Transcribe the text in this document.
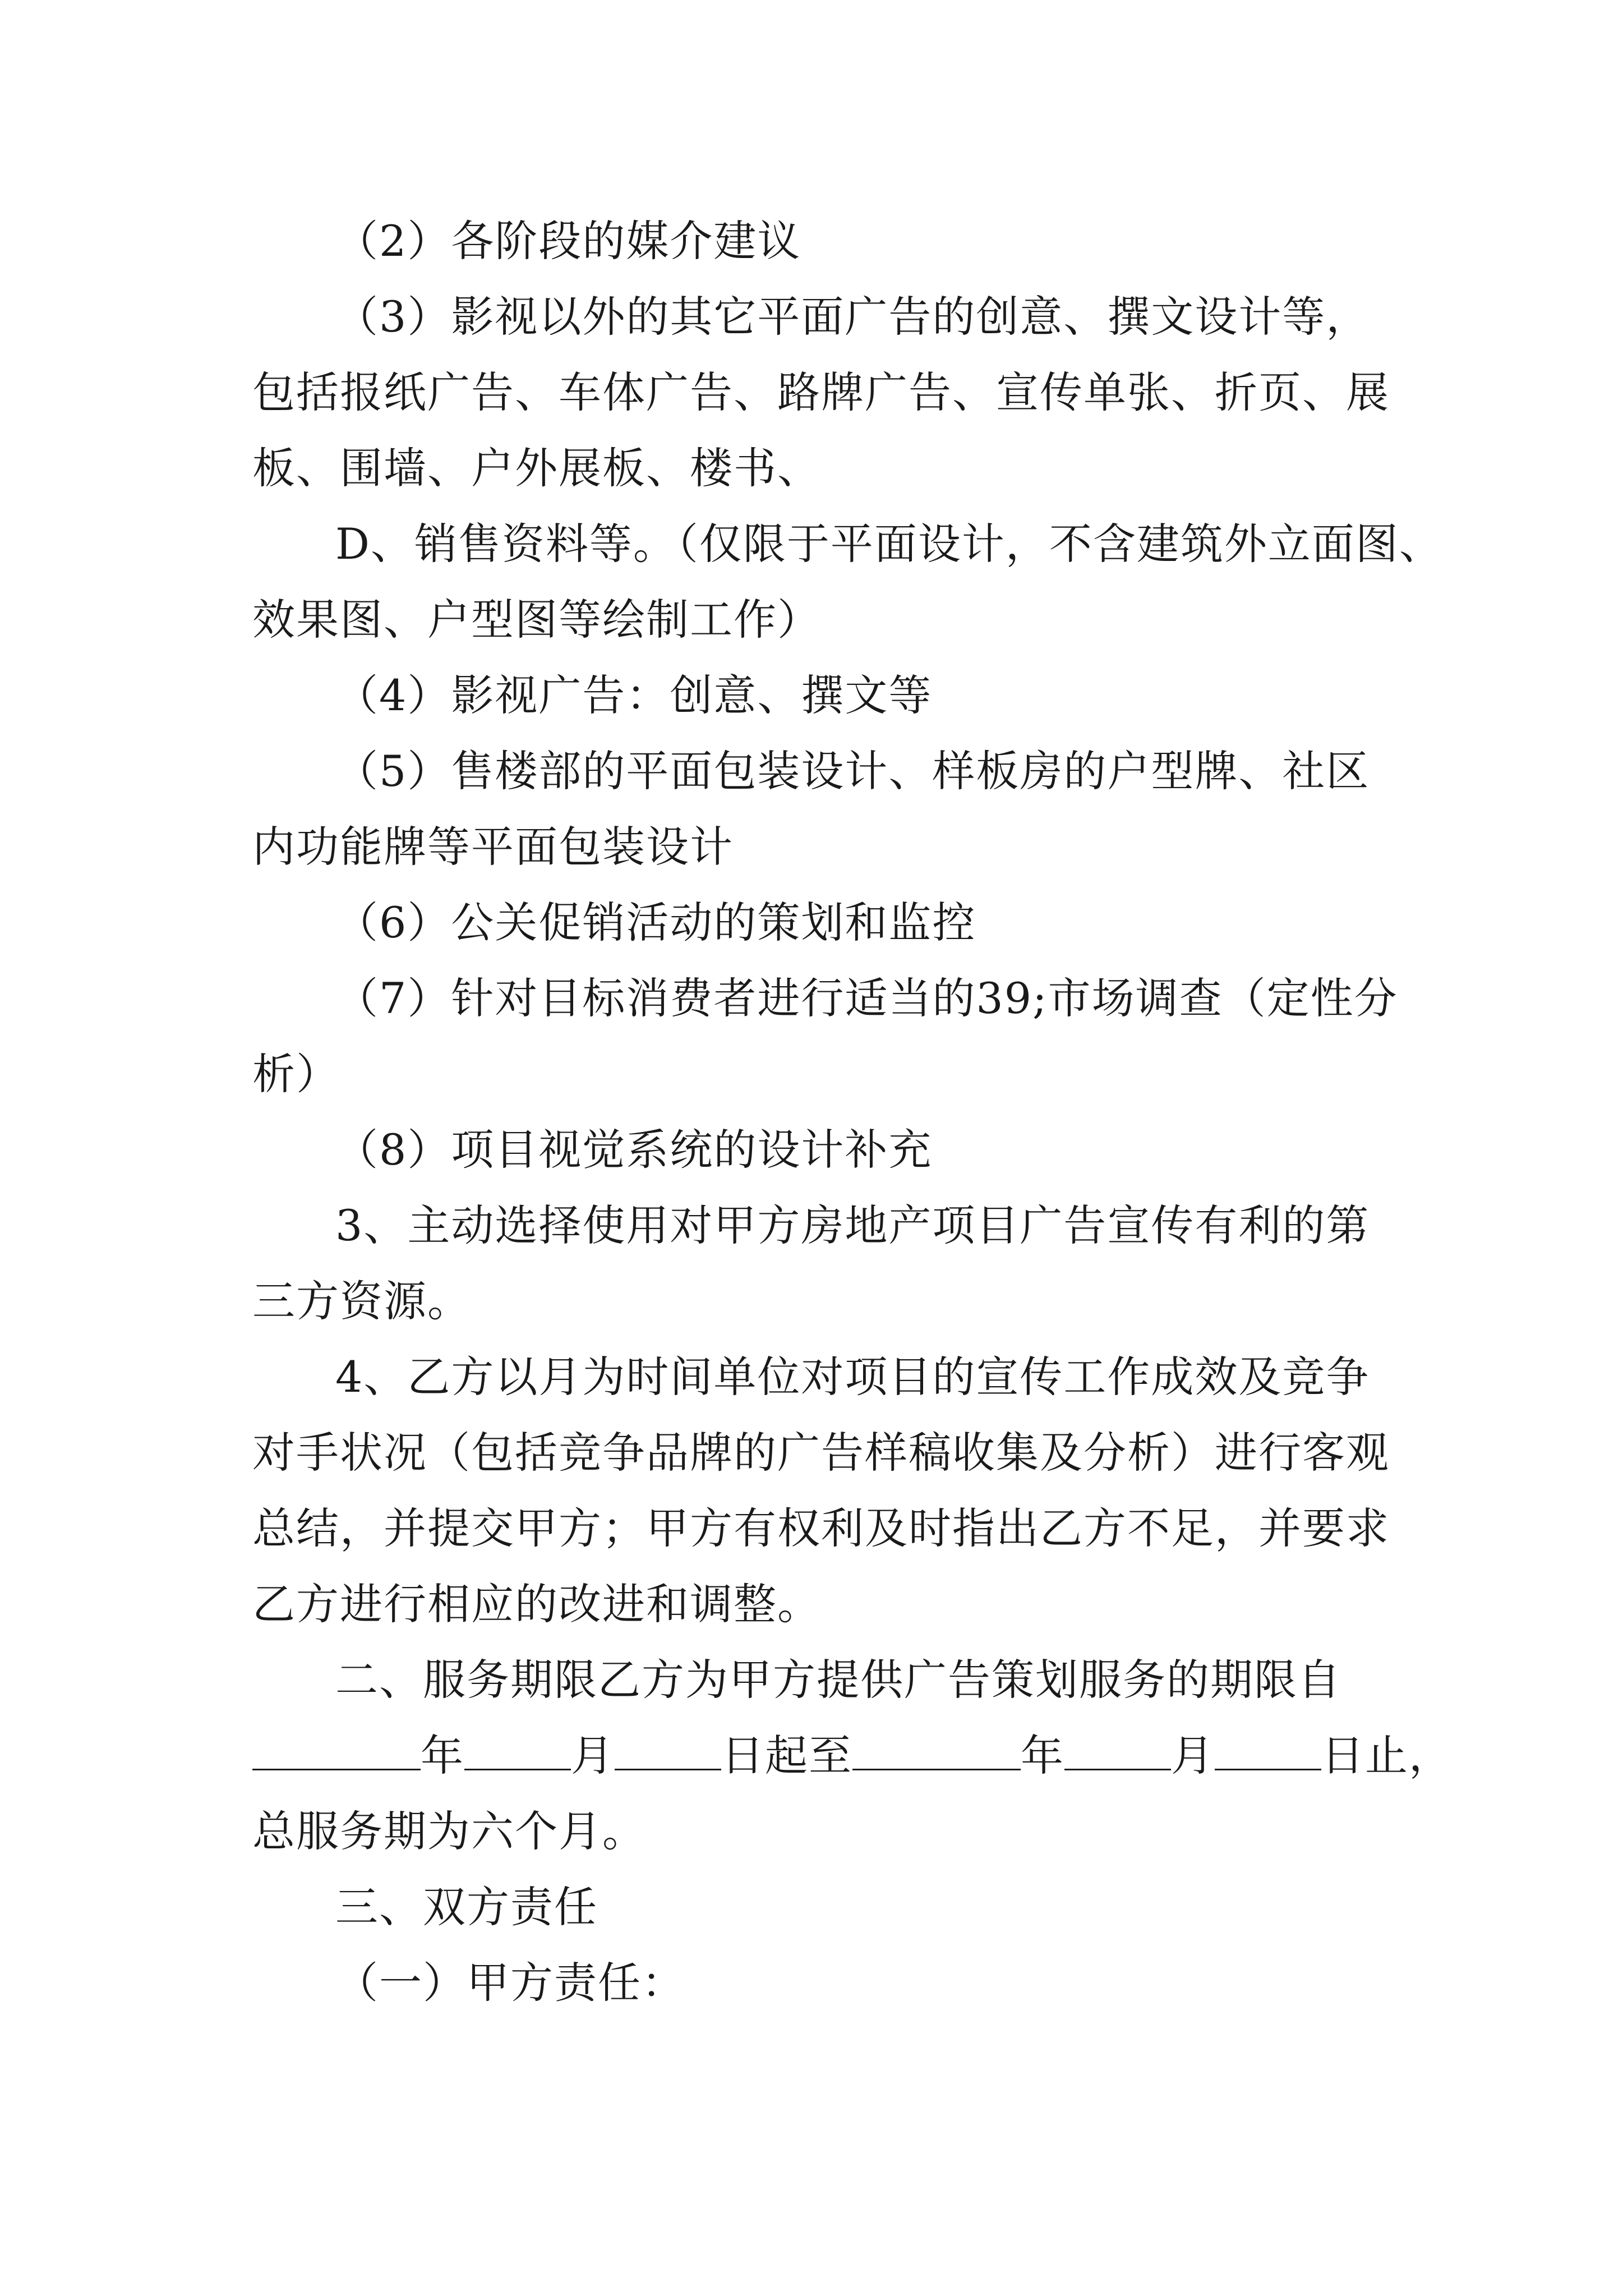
（2）各阶段的媒介建议
（3）影视以外的其它平面广告的创意、撰文设计等，
包括报纸广告、车体广告、路牌广告、宣传单张、折页、展
板、围墙、户外展板、楼书、
D、销售资料等。（仅限于平面设计，不含建筑外立面图、
效果图、户型图等绘制工作）
（4）影视广告：创意、撰文等
（5）售楼部的平面包装设计、样板房的户型牌、社区
内功能牌等平面包装设计
（6）公关促销活动的策划和监控
（7）针对目标消费者进行适当的39;市场调查（定性分
析）
（8）项目视觉系统的设计补充
3、主动选择使用对甲方房地产项目广告宣传有利的第
三方资源。
4、乙方以月为时间单位对项目的宣传工作成效及竞争
对手状况（包括竞争品牌的广告样稿收集及分析）进行客观
总结，并提交甲方；甲方有权利及时指出乙方不足，并要求
乙方进行相应的改进和调整。
二、服务期限乙方为甲方提供广告策划服务的期限自
年	月	日起至	年	月	日止，
总服务期为六个月。
三、双方责任
（一）甲方责任：
